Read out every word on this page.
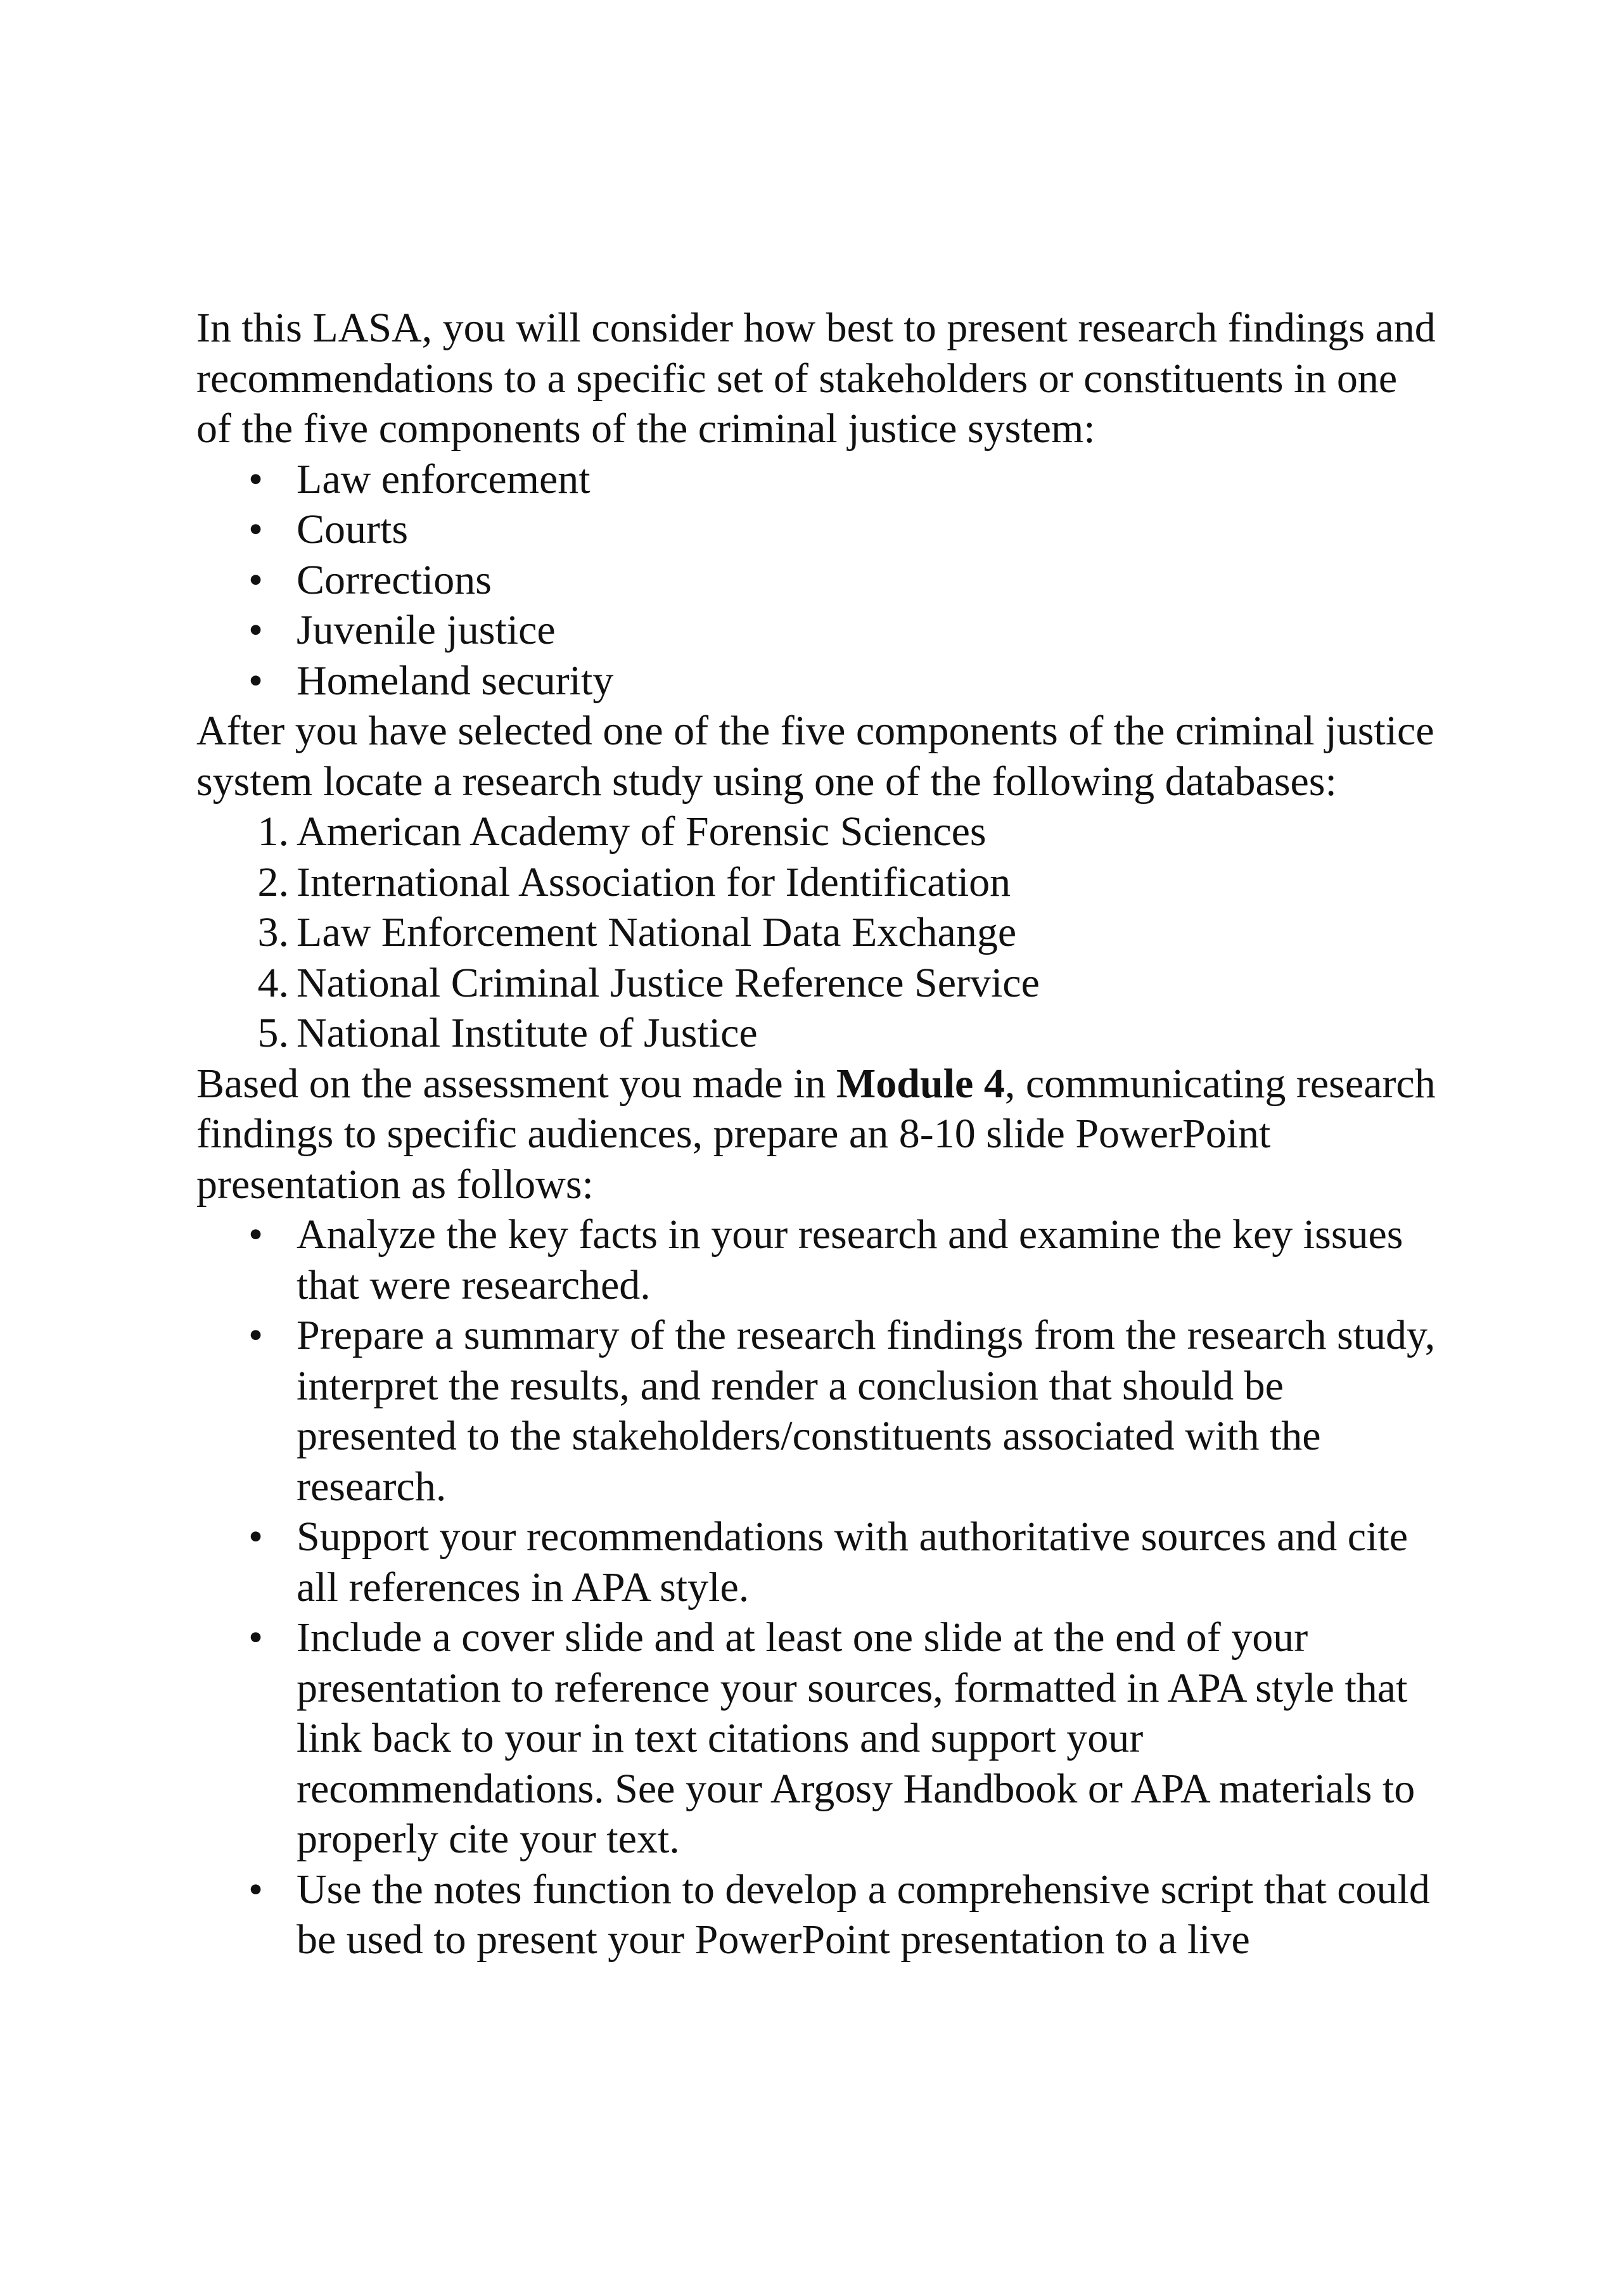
In this LASA, you will consider how best to present research findings and recommendations to a specific set of stakeholders or constituents in one of the five components of the criminal justice system:

• Law enforcement
• Courts
• Corrections
• Juvenile justice
• Homeland security

After you have selected one of the five components of the criminal justice system locate a research study using one of the following databases:

1. American Academy of Forensic Sciences
2. International Association for Identification
3. Law Enforcement National Data Exchange
4. National Criminal Justice Reference Service
5. National Institute of Justice

Based on the assessment you made in Module 4, communicating research findings to specific audiences, prepare an 8-10 slide PowerPoint presentation as follows:

• Analyze the key facts in your research and examine the key issues that were researched.
• Prepare a summary of the research findings from the research study, interpret the results, and render a conclusion that should be presented to the stakeholders/constituents associated with the research.
• Support your recommendations with authoritative sources and cite all references in APA style.
• Include a cover slide and at least one slide at the end of your presentation to reference your sources, formatted in APA style that link back to your in text citations and support your recommendations. See your Argosy Handbook or APA materials to properly cite your text.
• Use the notes function to develop a comprehensive script that could be used to present your PowerPoint presentation to a live
